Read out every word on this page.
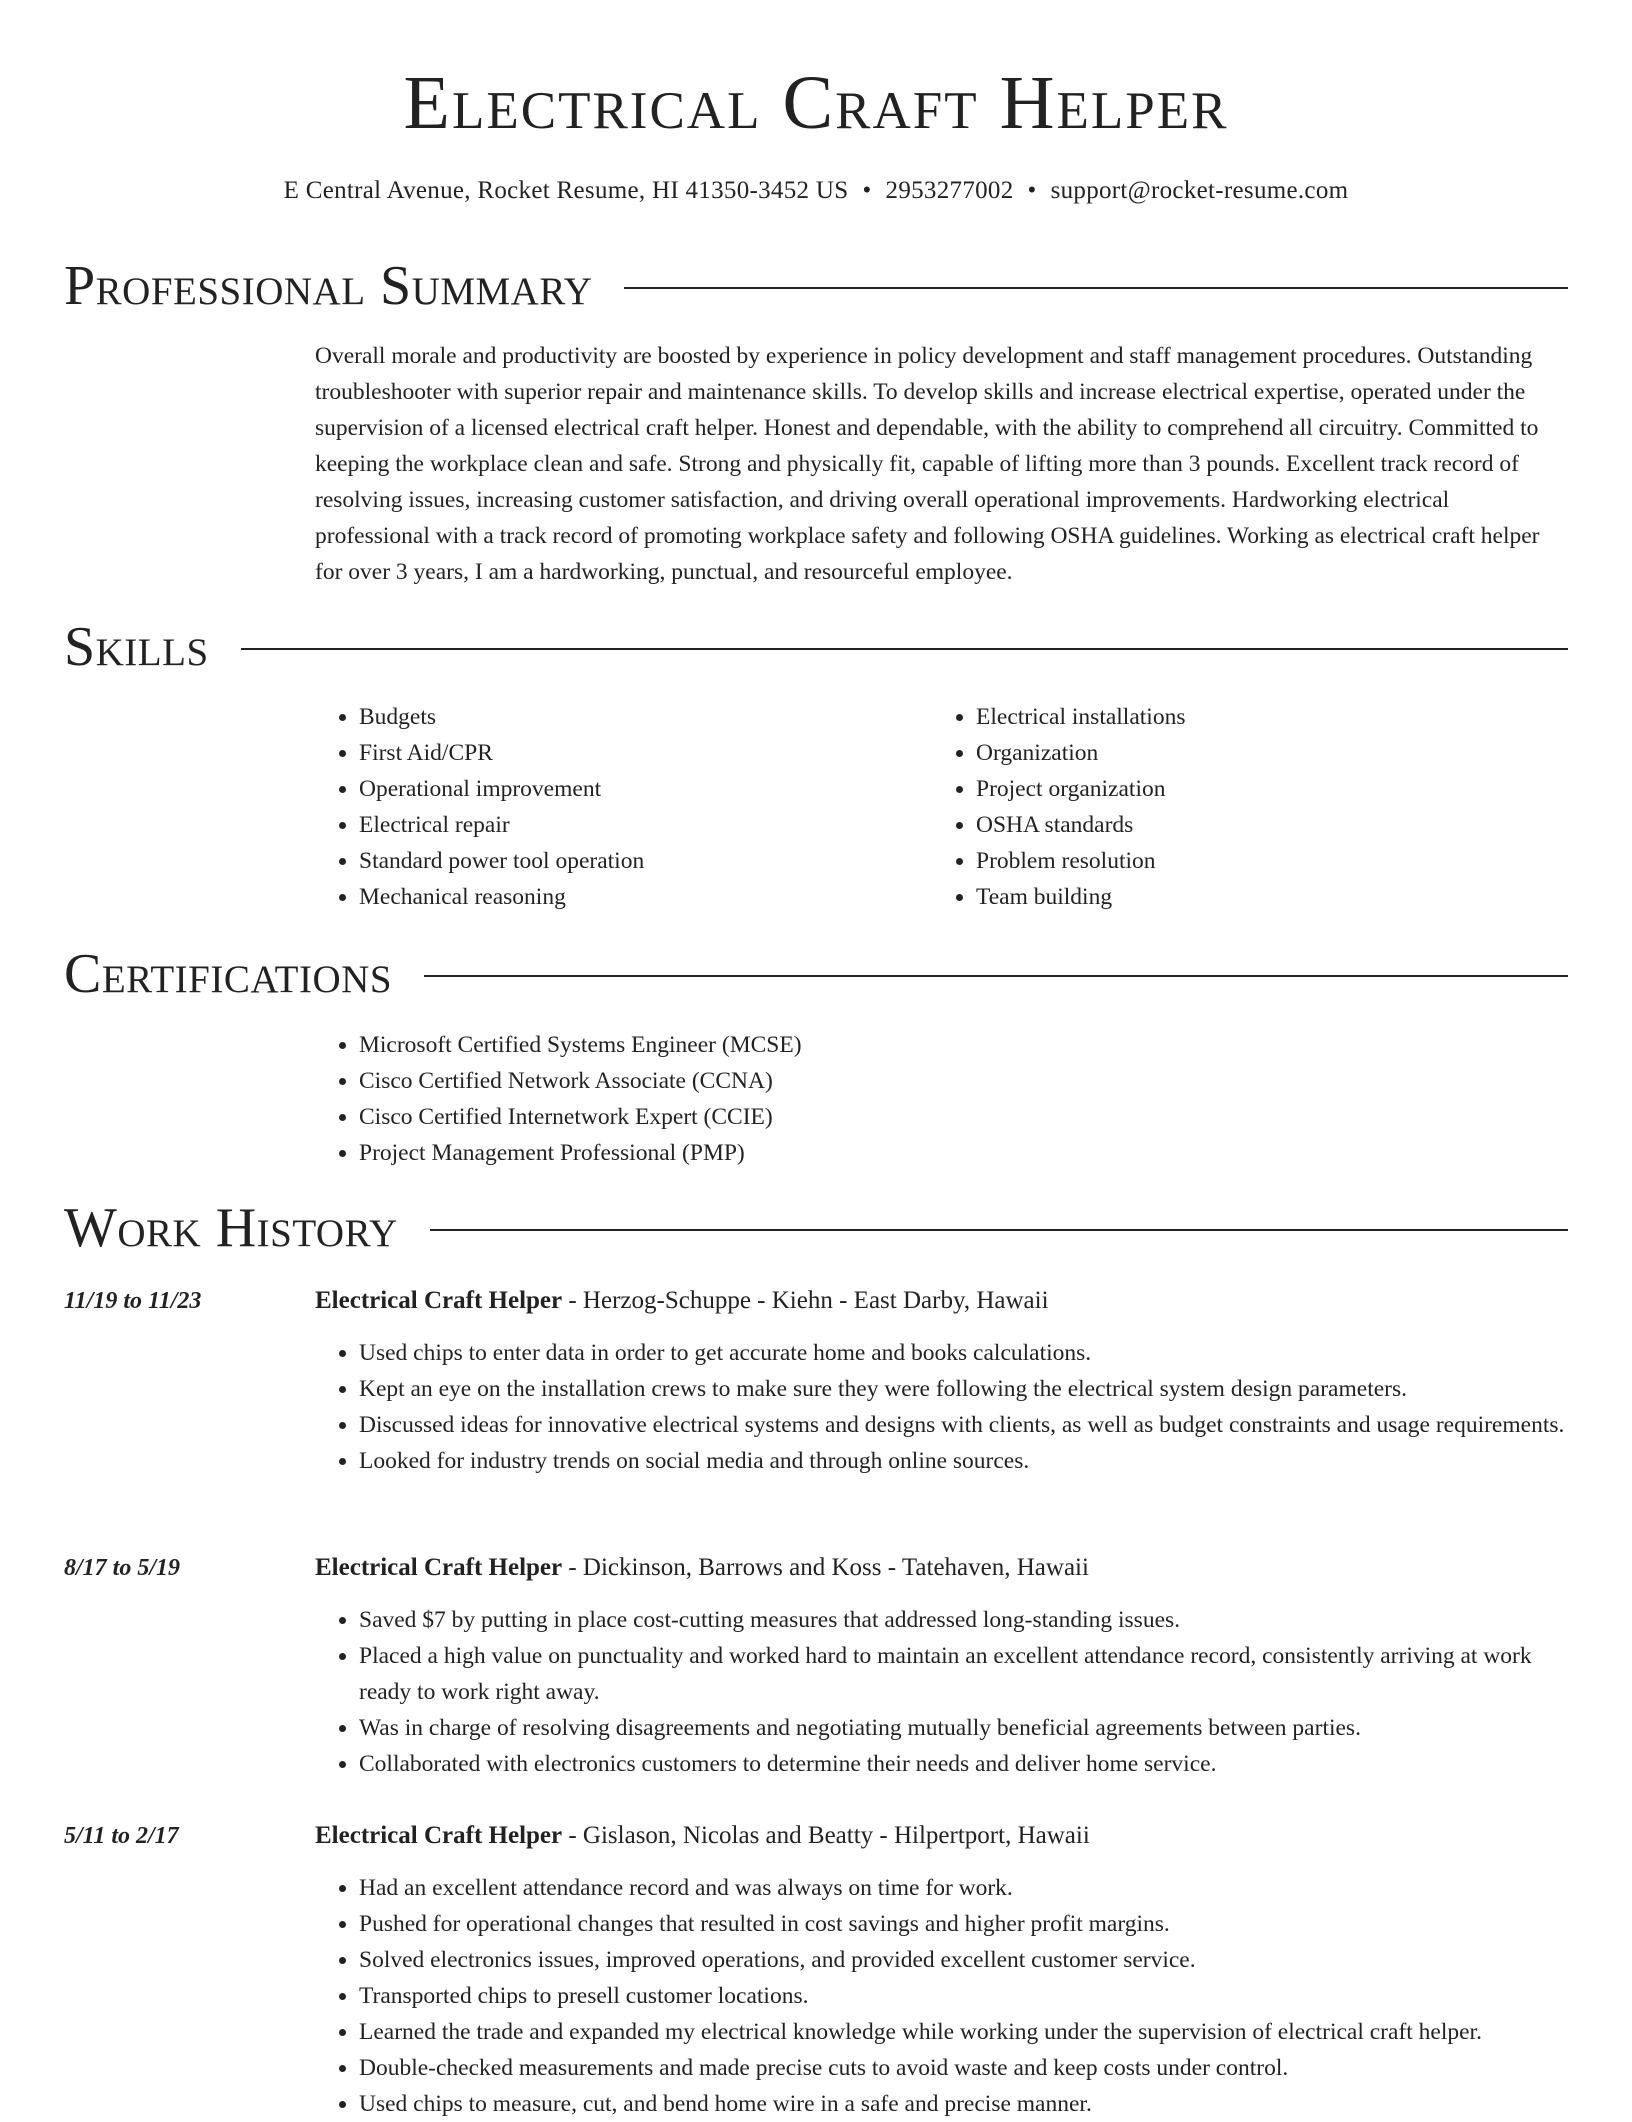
Electrical Craft Helper
E Central Avenue, Rocket Resume, HI 41350-3452 US • 2953277002 • support@rocket-resume.com
Professional Summary
Overall morale and productivity are boosted by experience in policy development and staff management procedures. Outstanding troubleshooter with superior repair and maintenance skills. To develop skills and increase electrical expertise, operated under the supervision of a licensed electrical craft helper. Honest and dependable, with the ability to comprehend all circuitry. Committed to keeping the workplace clean and safe. Strong and physically fit, capable of lifting more than 3 pounds. Excellent track record of resolving issues, increasing customer satisfaction, and driving overall operational improvements. Hardworking electrical professional with a track record of promoting workplace safety and following OSHA guidelines. Working as electrical craft helper for over 3 years, I am a hardworking, punctual, and resourceful employee.
Skills
• Budgets
• First Aid/CPR
• Operational improvement
• Electrical repair
• Standard power tool operation
• Mechanical reasoning
• Electrical installations
• Organization
• Project organization
• OSHA standards
• Problem resolution
• Team building
Certifications
• Microsoft Certified Systems Engineer (MCSE)
• Cisco Certified Network Associate (CCNA)
• Cisco Certified Internetwork Expert (CCIE)
• Project Management Professional (PMP)
Work History
11/19 to 11/23	Electrical Craft Helper - Herzog-Schuppe - Kiehn - East Darby, Hawaii
• Used chips to enter data in order to get accurate home and books calculations.
• Kept an eye on the installation crews to make sure they were following the electrical system design parameters.
• Discussed ideas for innovative electrical systems and designs with clients, as well as budget constraints and usage requirements.
• Looked for industry trends on social media and through online sources.
8/17 to 5/19	Electrical Craft Helper - Dickinson, Barrows and Koss - Tatehaven, Hawaii
• Saved $7 by putting in place cost-cutting measures that addressed long-standing issues.
• Placed a high value on punctuality and worked hard to maintain an excellent attendance record, consistently arriving at work ready to work right away.
• Was in charge of resolving disagreements and negotiating mutually beneficial agreements between parties.
• Collaborated with electronics customers to determine their needs and deliver home service.
5/11 to 2/17	Electrical Craft Helper - Gislason, Nicolas and Beatty - Hilpertport, Hawaii
• Had an excellent attendance record and was always on time for work.
• Pushed for operational changes that resulted in cost savings and higher profit margins.
• Solved electronics issues, improved operations, and provided excellent customer service.
• Transported chips to presell customer locations.
• Learned the trade and expanded my electrical knowledge while working under the supervision of electrical craft helper.
• Double-checked measurements and made precise cuts to avoid waste and keep costs under control.
• Used chips to measure, cut, and bend home wire in a safe and precise manner.
